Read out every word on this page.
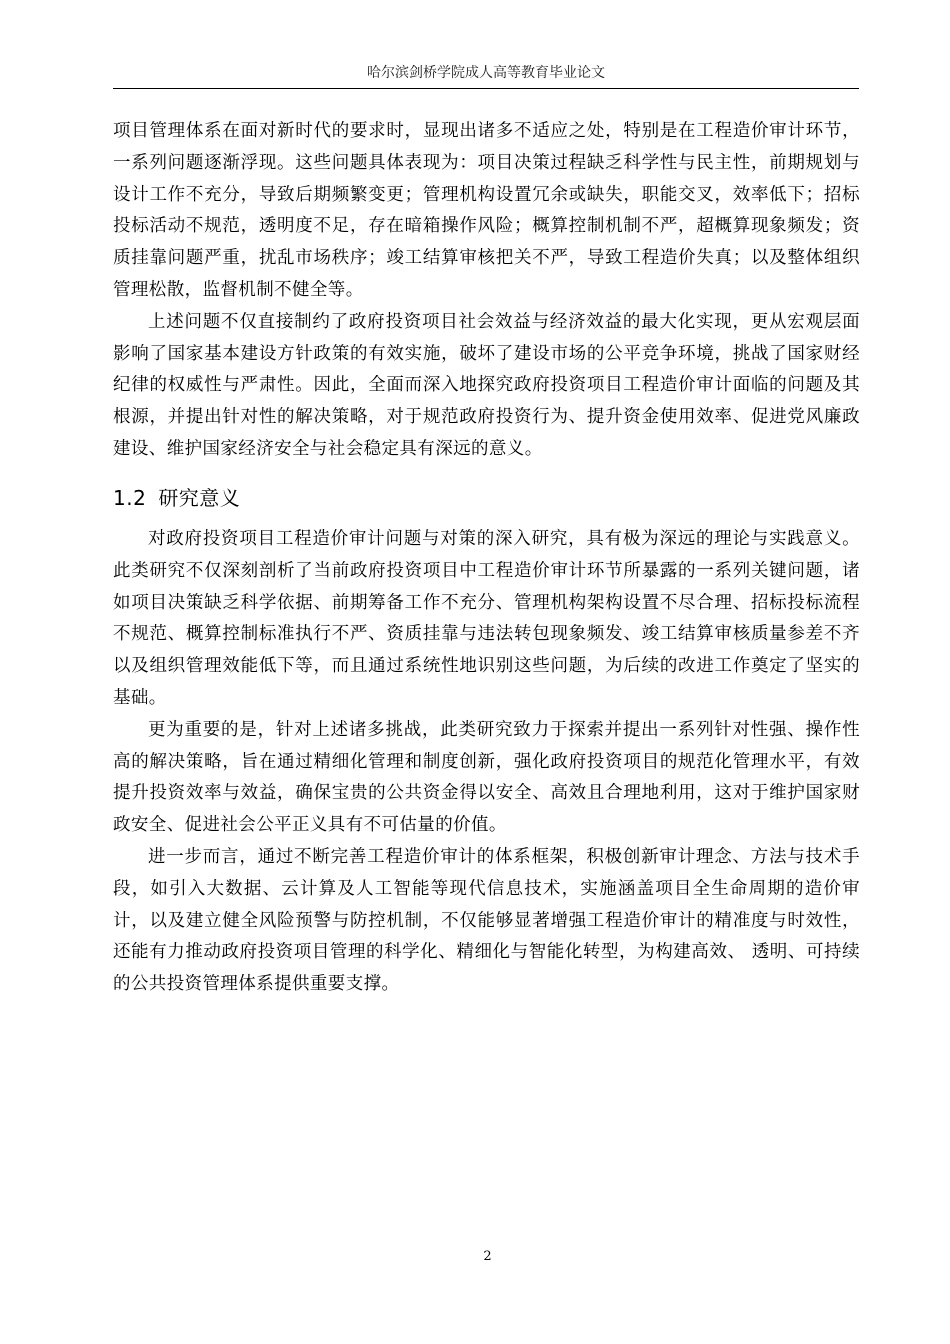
哈尔滨剑桥学院成人高等教育毕业论文

项目管理体系在面对新时代的要求时，显现出诸多不适应之处，特别是在工程造价审计环节，一系列问题逐渐浮现。这些问题具体表现为：项目决策过程缺乏科学性与民主性，前期规划与设计工作不充分，导致后期频繁变更；管理机构设置冗余或缺失，职能交叉，效率低下；招标投标活动不规范，透明度不足，存在暗箱操作风险；概算控制机制不严，超概算现象频发；资质挂靠问题严重，扰乱市场秩序；竣工结算审核把关不严，导致工程造价失真；以及整体组织管理松散，监督机制不健全等。

上述问题不仅直接制约了政府投资项目社会效益与经济效益的最大化实现，更从宏观层面影响了国家基本建设方针政策的有效实施，破坏了建设市场的公平竞争环境，挑战了国家财经纪律的权威性与严肃性。因此，全面而深入地探究政府投资项目工程造价审计面临的问题及其根源，并提出针对性的解决策略，对于规范政府投资行为、提升资金使用效率、促进党风廉政建设、维护国家经济安全与社会稳定具有深远的意义。

1.2 研究意义

对政府投资项目工程造价审计问题与对策的深入研究，具有极为深远的理论与实践意义。此类研究不仅深刻剖析了当前政府投资项目中工程造价审计环节所暴露的一系列关键问题，诸如项目决策缺乏科学依据、前期筹备工作不充分、管理机构架构设置不尽合理、招标投标流程不规范、概算控制标准执行不严、资质挂靠与违法转包现象频发、竣工结算审核质量参差不齐以及组织管理效能低下等，而且通过系统性地识别这些问题，为后续的改进工作奠定了坚实的基础。

更为重要的是，针对上述诸多挑战，此类研究致力于探索并提出一系列针对性强、操作性高的解决策略，旨在通过精细化管理和制度创新，强化政府投资项目的规范化管理水平，有效提升投资效率与效益，确保宝贵的公共资金得以安全、高效且合理地利用，这对于维护国家财政安全、促进社会公平正义具有不可估量的价值。

进一步而言，通过不断完善工程造价审计的体系框架，积极创新审计理念、方法与技术手段，如引入大数据、云计算及人工智能等现代信息技术，实施涵盖项目全生命周期的造价审计，以及建立健全风险预警与防控机制，不仅能够显著增强工程造价审计的精准度与时效性，还能有力推动政府投资项目管理的科学化、精细化与智能化转型，为构建高效、 透明、可持续的公共投资管理体系提供重要支撑。

2
